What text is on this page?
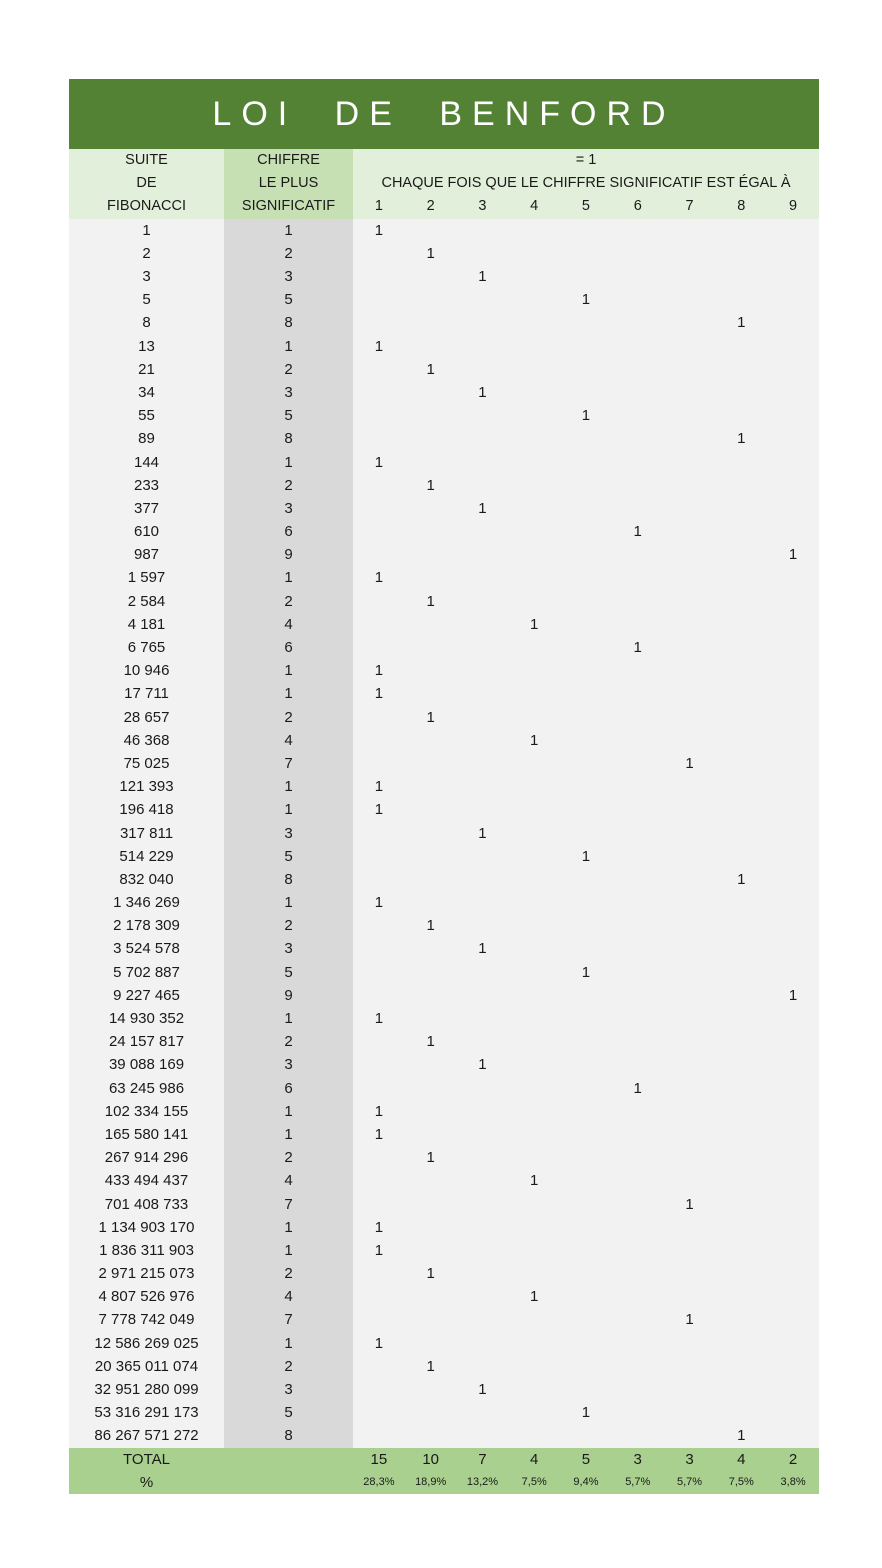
LOI DE BENFORD
SUITE	CHIFFRE	= 1								
DE	LE PLUS	CHAQUE FOIS QUE LE CHIFFRE SIGNIFICATIF EST ÉGAL À								
FIBONACCI	SIGNIFICATIF	1	2	3	4	5	6	7	8	9
1	1	1								
2	2		1							
3	3			1						
5	5					1				
8	8								1	
13	1	1								
21	2		1							
34	3			1						
55	5					1				
89	8								1	
144	1	1								
233	2		1							
377	3			1						
610	6						1			
987	9									1
1 597	1	1								
2 584	2		1							
4 181	4				1					
6 765	6						1			
10 946	1	1								
17 711	1	1								
28 657	2		1							
46 368	4				1					
75 025	7							1		
121 393	1	1								
196 418	1	1								
317 811	3			1						
514 229	5					1				
832 040	8								1	
1 346 269	1	1								
2 178 309	2		1							
3 524 578	3			1						
5 702 887	5					1				
9 227 465	9									1
14 930 352	1	1								
24 157 817	2		1							
39 088 169	3			1						
63 245 986	6						1			
102 334 155	1	1								
165 580 141	1	1								
267 914 296	2		1							
433 494 437	4				1					
701 408 733	7							1		
1 134 903 170	1	1								
1 836 311 903	1	1								
2 971 215 073	2		1							
4 807 526 976	4				1					
7 778 742 049	7							1		
12 586 269 025	1	1								
20 365 011 074	2		1							
32 951 280 099	3			1						
53 316 291 173	5					1				
86 267 571 272	8								1	
TOTAL		15	10	7	4	5	3	3	4	2
%		28,3%	18,9%	13,2%	7,5%	9,4%	5,7%	5,7%	7,5%	3,8%
